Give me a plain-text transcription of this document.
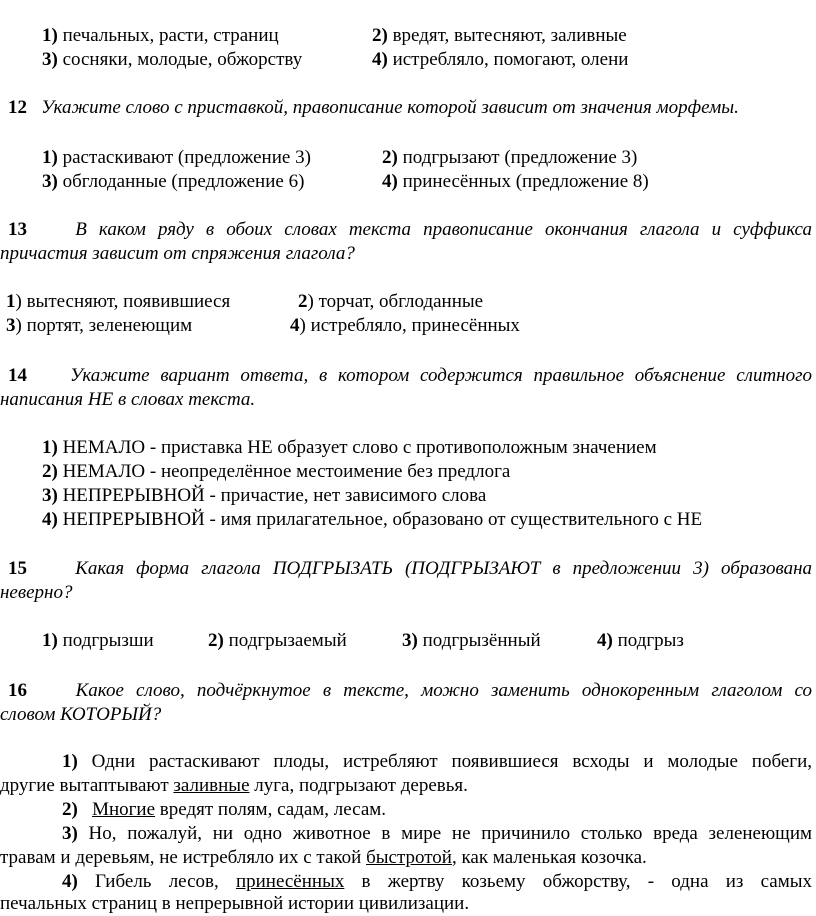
1) печальных, расти, страниц	2) вредят, вытесняют, заливные
3) сосняки, молодые, обжорству	4) истребляло, помогают, олени
12 Укажите слово с приставкой, правописание которой зависит от значения морфемы.
1) растаскивают (предложение 3)	2) подгрызают (предложение 3)
3) обглоданные (предложение 6)	4) принесённых (предложение 8)
13	В каком ряду в обоих словах текста правописание окончания глагола и суффикса
причастия зависит от спряжения глагола?
1) вытесняют, появившиеся	2) торчат, обглоданные
3) портят, зеленеющим	4) истребляло, принесённых
14 Укажите вариант ответа, в котором содержится правильное объяснение слитного
написания НЕ в словах текста.
1) НЕМАЛО - приставка НЕ образует слово с противоположным значением
2) НЕМАЛО - неопределённое местоимение без предлога
3) НЕПРЕРЫВНОЙ - причастие, нет зависимого слова
4) НЕПРЕРЫВНОЙ - имя прилагательное, образовано от существительного с НЕ
15	Какая форма глагола ПОДГРЫЗАТЬ (ПОДГРЫЗАЮТ в предложении 3) образована
неверно?
1) подгрызши	2) подгрызаемый	3) подгрызённый	4) подгрыз
16	Какое слово, подчёркнутое в тексте, можно заменить однокоренным глаголом со
словом КОТОРЫЙ?
1) Одни растаскивают плоды, истребляют появившиеся всходы и молодые побеги,
другие вытаптывают заливные луга, подгрызают деревья.
2) Многие вредят полям, садам, лесам.
3) Но, пожалуй, ни одно животное в мире не причинило столько вреда зеленеющим
травам и деревьям, не истребляло их с такой быстротой, как маленькая козочка.
4) Гибель лесов, принесённых в жертву козьему обжорству, - одна из самых
печальных страниц в непрерывной истории цивилизации.
